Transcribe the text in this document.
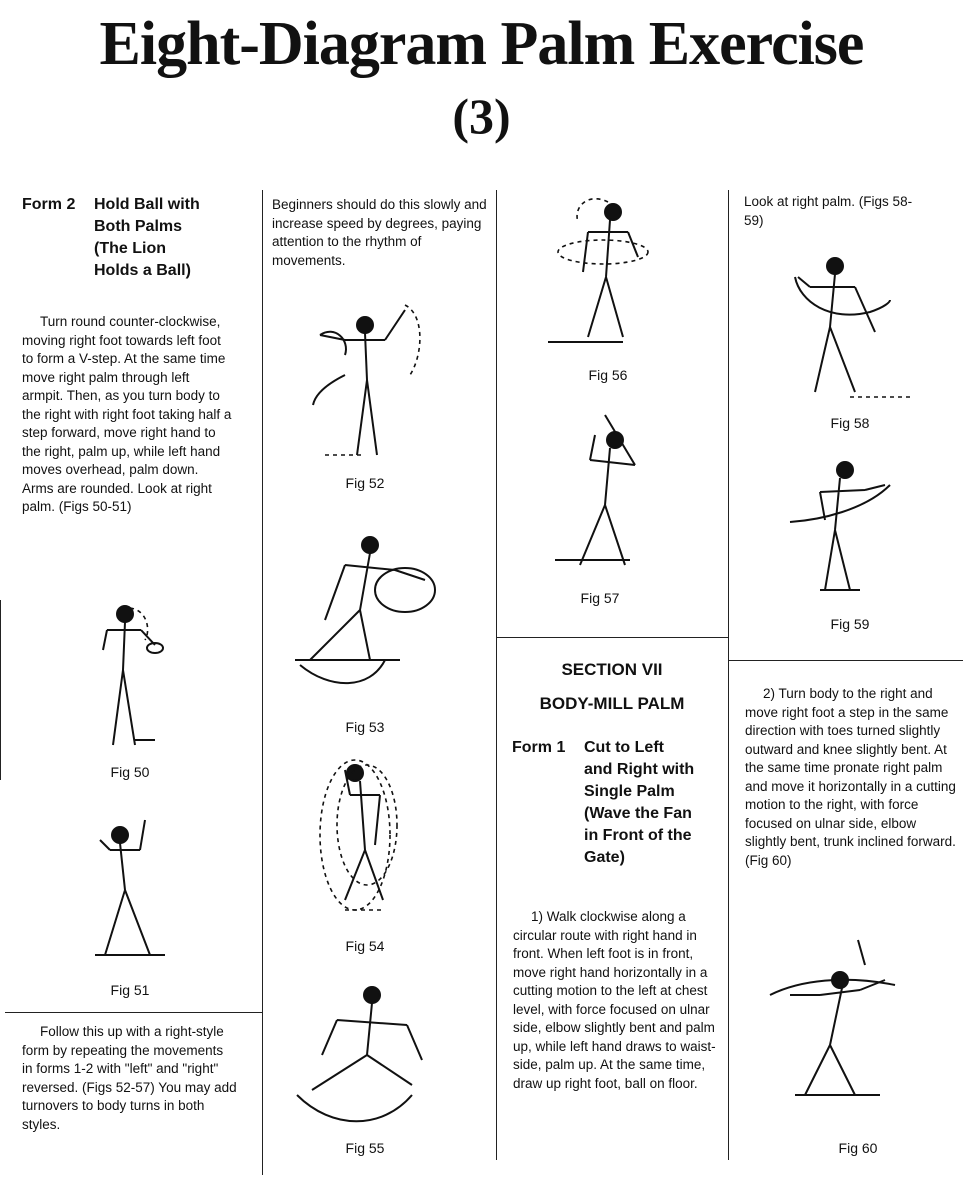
Eight-Diagram Palm Exercise
(3)
Form 2 Hold Ball with
Both Palms
(The Lion
Holds a Ball)
Turn round counter-clockwise, moving right foot towards left foot to form a V-step. At the same time move right palm through left armpit. Then, as you turn body to the right with right foot taking half a step forward, move right hand to the right, palm up, while left hand moves overhead, palm down. Arms are rounded. Look at right palm. (Figs 50-51)
Fig 50
Fig 51
Follow this up with a right-style form by repeating the movements in forms 1-2 with "left" and "right" reversed. (Figs 52-57) You may add turnovers to body turns in both styles.
Beginners should do this slowly and increase speed by degrees, paying attention to the rhythm of movements.
Fig 52
Fig 53
Fig 54
Fig 55
Fig 56
Fig 57
SECTION VII
BODY-MILL PALM
Form 1 Cut to Left
and Right with
Single Palm
(Wave the Fan
in Front of the
Gate)
1) Walk clockwise along a circular route with right hand in front. When left foot is in front, move right hand horizontally in a cutting motion to the left at chest level, with force focused on ulnar side, elbow slightly bent and palm up, while left hand draws to waist-side, palm up. At the same time, draw up right foot, ball on floor.
Look at right palm. (Figs 58-59)
Fig 58
Fig 59
2) Turn body to the right and move right foot a step in the same direction with toes turned slightly outward and knee slightly bent. At the same time pronate right palm and move it horizontally in a cutting motion to the right, with force focused on ulnar side, elbow slightly bent, trunk inclined forward. (Fig 60)
Fig 60
